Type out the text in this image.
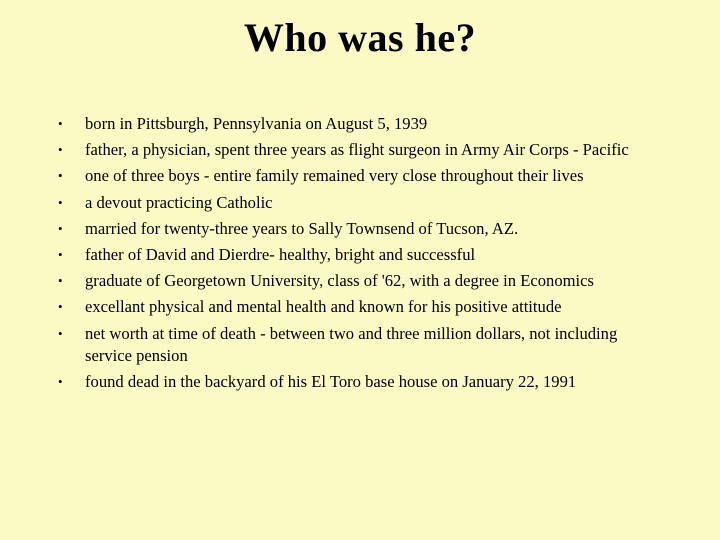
Who was he?
• born in Pittsburgh, Pennsylvania on August 5, 1939
• father, a physician, spent three years as flight surgeon in Army Air Corps - Pacific
• one of three boys - entire family remained very close throughout their lives
• a devout practicing Catholic
• married for twenty-three years to Sally Townsend of Tucson, AZ.
• father of David and Dierdre- healthy, bright and successful
• graduate of Georgetown University, class of '62, with a degree in Economics
• excellant physical and mental health and known for his positive attitude
• net worth at time of death - between two and three million dollars, not including service pension
• found dead in the backyard of his El Toro base house on January 22, 1991
